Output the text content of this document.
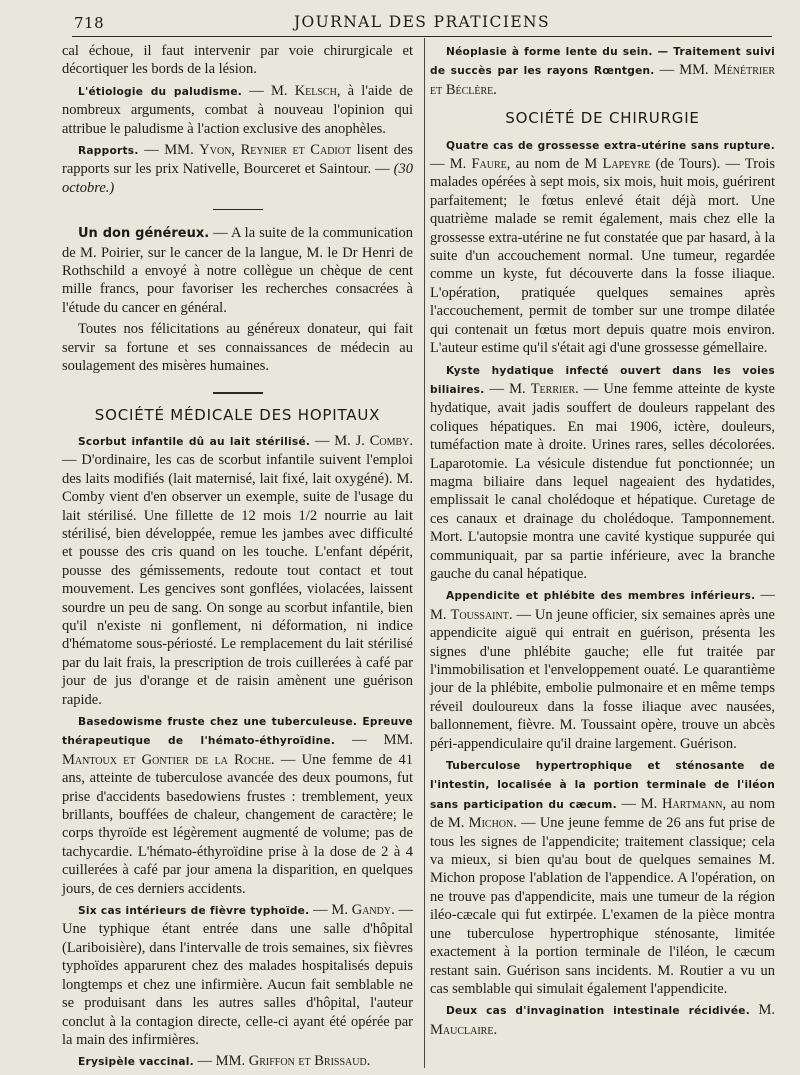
718	JOURNAL DES PRATICIENS

cal échoue, il faut intervenir par voie chirurgicale et décortiquer les bords de la lésion.

L'étiologie du paludisme. — M. Kelsch, à l'aide de nombreux arguments, combat à nouveau l'opinion qui attribue le paludisme à l'action exclusive des anophèles.

Rapports. — MM. Yvon, Reynier et Cadiot lisent des rapports sur les prix Nativelle, Bourceret et Saintour. — (30 octobre.)

Un don généreux. — A la suite de la communication de M. Poirier, sur le cancer de la langue, M. le Dr Henri de Rothschild a envoyé à notre collègue un chèque de cent mille francs, pour favoriser les recherches consacrées à l'étude du cancer en général.

Toutes nos félicitations au généreux donateur, qui fait servir sa fortune et ses connaissances de médecin au soulagement des misères humaines.

SOCIÉTÉ MÉDICALE DES HOPITAUX

Scorbut infantile dû au lait stérilisé. — M. J. Comby. — D'ordinaire, les cas de scorbut infantile suivent l'emploi des laits modifiés (lait maternisé, lait fixé, lait oxygéné). M. Comby vient d'en observer un exemple, suite de l'usage du lait stérilisé. Une fillette de 12 mois 1/2 nourrie au lait stérilisé, bien développée, remue les jambes avec difficulté et pousse des cris quand on les touche. L'enfant dépérit, pousse des gémissements, redoute tout contact et tout mouvement. Les gencives sont gonflées, violacées, laissent sourdre un peu de sang. On songe au scorbut infantile, bien qu'il n'existe ni gonflement, ni déformation, ni indice d'hématome sous-périosté. Le remplacement du lait stérilisé par du lait frais, la prescription de trois cuillerées à café par jour de jus d'orange et de raisin amènent une guérison rapide.

Basedowisme fruste chez une tuberculeuse. Epreuve thérapeutique de l'hémato-éthyroïdine. — MM. Mantoux et Gontier de la Roche. — Une femme de 41 ans, atteinte de tuberculose avancée des deux poumons, fut prise d'accidents basedowiens frustes : tremblement, yeux brillants, bouffées de chaleur, changement de caractère; le corps thyroïde est légèrement augmenté de volume; pas de tachycardie. L'hémato-éthyroïdine prise à la dose de 2 à 4 cuillerées à café par jour amena la disparition, en quelques jours, de ces derniers accidents.

Six cas intérieurs de fièvre typhoïde. — M. Gandy. — Une typhique étant entrée dans une salle d'hôpital (Lariboisière), dans l'intervalle de trois semaines, six fièvres typhoïdes apparurent chez des malades hospitalisés depuis longtemps et chez une infirmière. Aucun fait semblable ne se produisant dans les autres salles d'hôpital, l'auteur conclut à la contagion directe, celle-ci ayant été opérée par la main des infirmières.

Erysipèle vaccinal. — MM. Griffon et Brissaud.

Néoplasie à forme lente du sein. — Traitement suivi de succès par les rayons Rœntgen. — MM. Ménétrier et Béclère.

SOCIÉTÉ DE CHIRURGIE

Quatre cas de grossesse extra-utérine sans rupture. — M. Faure, au nom de M Lapeyre (de Tours). — Trois malades opérées à sept mois, six mois, huit mois, guérirent parfaitement; le fœtus enlevé était déjà mort. Une quatrième malade se remit également, mais chez elle la grossesse extra-utérine ne fut constatée que par hasard, à la suite d'un accouchement normal. Une tumeur, regardée comme un kyste, fut découverte dans la fosse iliaque. L'opération, pratiquée quelques semaines après l'accouchement, permit de tomber sur une trompe dilatée qui contenait un fœtus mort depuis quatre mois environ. L'auteur estime qu'il s'était agi d'une grossesse gémellaire.

Kyste hydatique infecté ouvert dans les voies biliaires. — M. Terrier. — Une femme atteinte de kyste hydatique, avait jadis souffert de douleurs rappelant des coliques hépatiques. En mai 1906, ictère, douleurs, tuméfaction mate à droite. Urines rares, selles décolorées. Laparotomie. La vésicule distendue fut ponctionnée; un magma biliaire dans lequel nageaient des hydatides, emplissait le canal cholédoque et hépatique. Curetage de ces canaux et drainage du cholédoque. Tamponnement. Mort. L'autopsie montra une cavité kystique suppurée qui communiquait, par sa partie inférieure, avec la branche gauche du canal hépatique.

Appendicite et phlébite des membres inférieurs. — M. Toussaint. — Un jeune officier, six semaines après une appendicite aiguë qui entrait en guérison, présenta les signes d'une phlébite gauche; elle fut traitée par l'immobilisation et l'enveloppement ouaté. Le quarantième jour de la phlébite, embolie pulmonaire et en même temps réveil douloureux dans la fosse iliaque avec nausées, ballonnement, fièvre. M. Toussaint opère, trouve un abcès péri-appendiculaire qu'il draine largement. Guérison.

Tuberculose hypertrophique et sténosante de l'intestin, localisée à la portion terminale de l'iléon sans participation du cæcum. — M. Hartmann, au nom de M. Michon. — Une jeune femme de 26 ans fut prise de tous les signes de l'appendicite; traitement classique; cela va mieux, si bien qu'au bout de quelques semaines M. Michon propose l'ablation de l'appendice. A l'opération, on ne trouve pas d'appendicite, mais une tumeur de la région iléo-cæcale qui fut extirpée. L'examen de la pièce montra une tuberculose hypertrophique sténosante, limitée exactement à la portion terminale de l'iléon, le cæcum restant sain. Guérison sans incidents. M. Routier a vu un cas semblable qui simulait également l'appendicite.

Deux cas d'invagination intestinale récidivée. M. Mauclaire.
